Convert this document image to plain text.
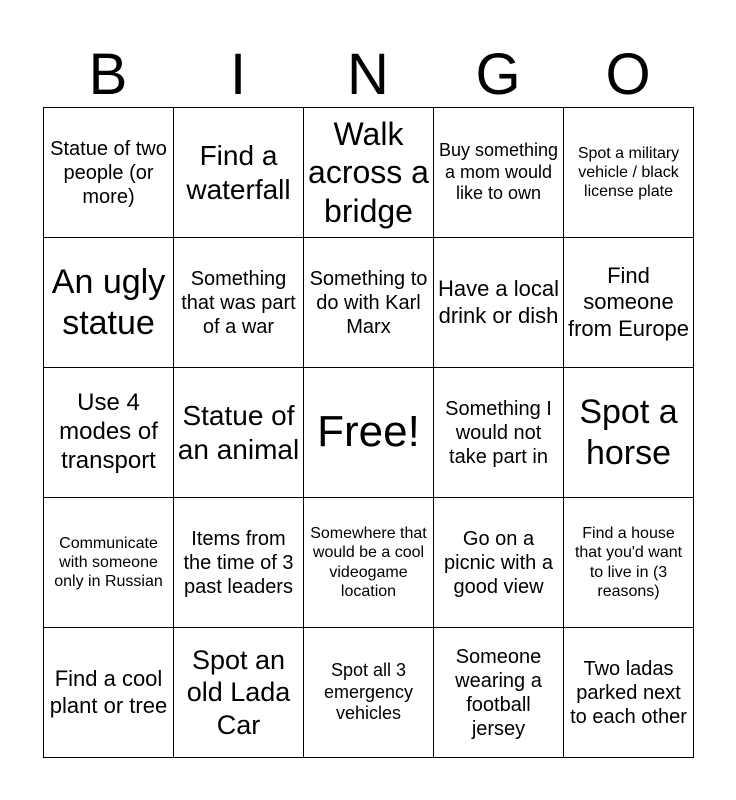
B	I	N	G	O
Statue of two people (or more)	Find a waterfall	Walk across a bridge	Buy something a mom would like to own	Spot a military vehicle / black license plate
An ugly statue	Something that was part of a war	Something to do with Karl Marx	Have a local drink or dish	Find someone from Europe
Use 4 modes of transport	Statue of an animal	Free!	Something I would not take part in	Spot a horse
Communicate with someone only in Russian	Items from the time of 3 past leaders	Somewhere that would be a cool videogame location	Go on a picnic with a good view	Find a house that you'd want to live in (3 reasons)
Find a cool plant or tree	Spot an old Lada Car	Spot all 3 emergency vehicles	Someone wearing a football jersey	Two ladas parked next to each other
